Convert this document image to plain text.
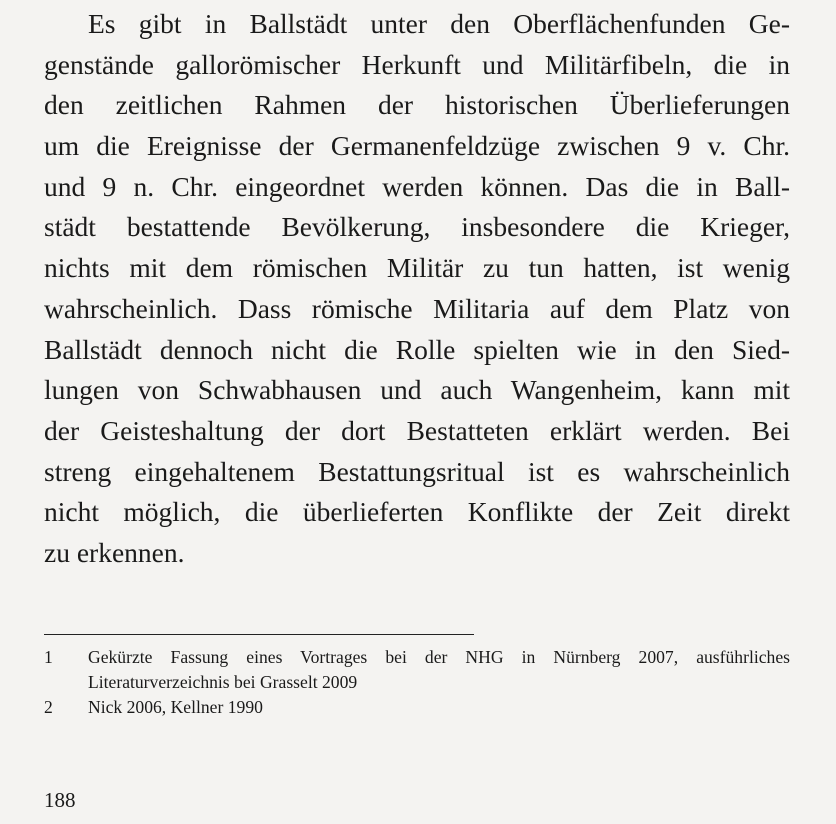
Es gibt in Ballstädt unter den Oberflächenfunden Ge-
genstände gallorömischer Herkunft und Militärfibeln, die in
den zeitlichen Rahmen der historischen Überlieferungen
um die Ereignisse der Germanenfeldzüge zwischen 9 v. Chr.
und 9 n. Chr. eingeordnet werden können. Das die in Ball-
städt bestattende Bevölkerung, insbesondere die Krieger,
nichts mit dem römischen Militär zu tun hatten, ist wenig
wahrscheinlich. Dass römische Militaria auf dem Platz von
Ballstädt dennoch nicht die Rolle spielten wie in den Sied-
lungen von Schwabhausen und auch Wangenheim, kann mit
der Geisteshaltung der dort Bestatteten erklärt werden. Bei
streng eingehaltenem Bestattungsritual ist es wahrscheinlich
nicht möglich, die überlieferten Konflikte der Zeit direkt
zu erkennen.
1	Gekürzte Fassung eines Vortrages bei der NHG in Nürnberg 2007, ausführliches
Literaturverzeichnis bei Grasselt 2009
2	Nick 2006, Kellner 1990
188
